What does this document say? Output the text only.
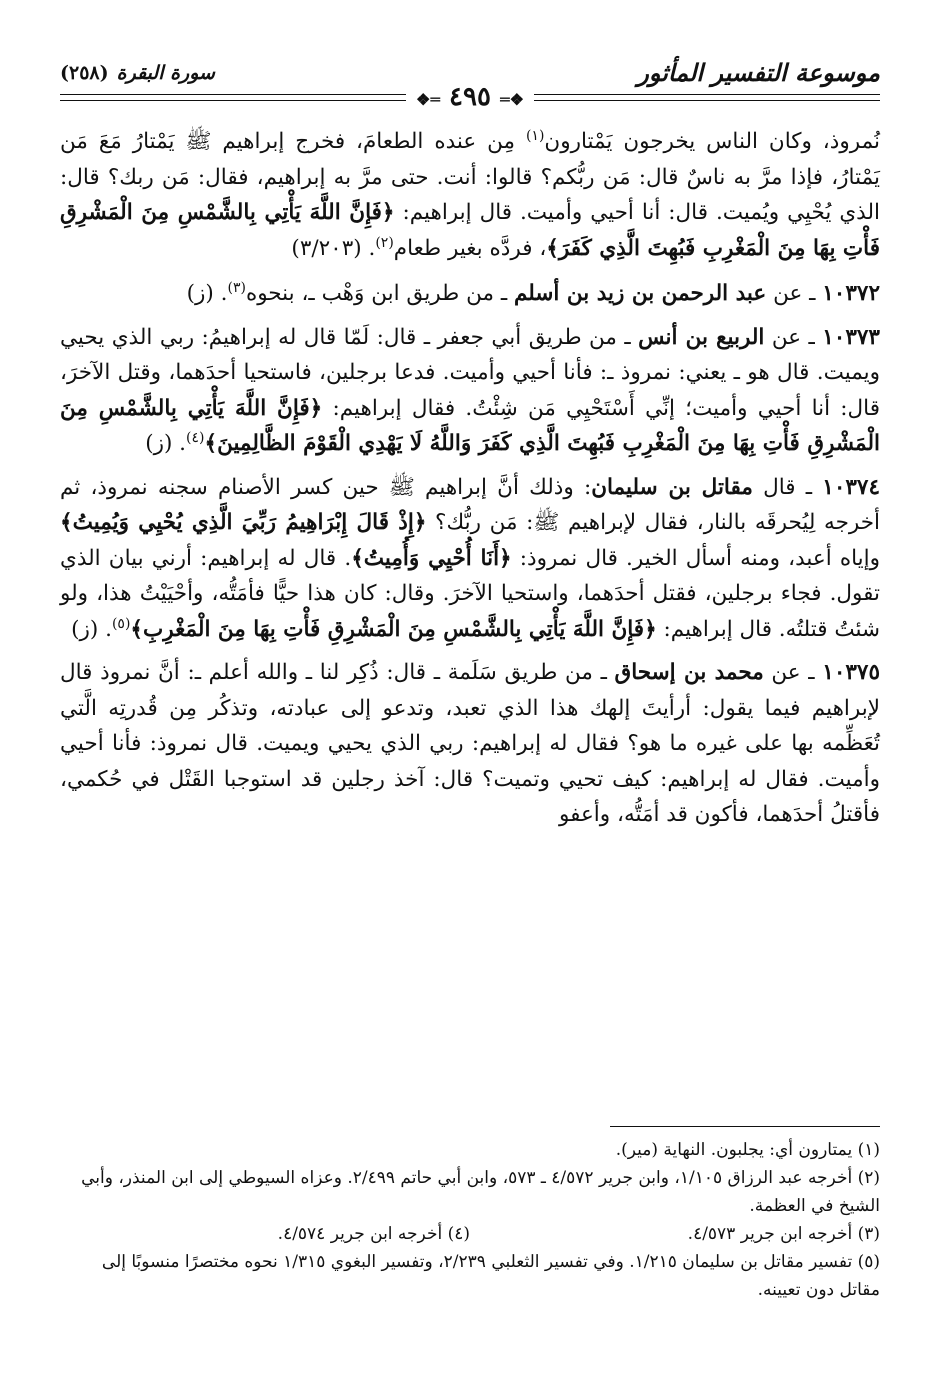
موسوعة التفسير المأثور
سورة البقرة(٢٥٨)
❖═ ٤٩٥ ═❖

نُمروذ، وكان الناس يخرجون يَمْتارون$^{(١)}$ مِن عنده الطعامَ، فخرج إبراهيم ﷺ يَمْتارُ مَعَ مَن يَمْتارُ، فإذا مرَّ به ناسٌ قال: مَن ربُّكم؟ قالوا: أنت. حتى مرَّ به إبراهيم، فقال: مَن ربك؟ قال: الذي يُحْيِي ويُميت. قال: أنا أحيي وأميت. قال إبراهيم: ﴿فَإِنَّ اللَّهَ يَأْتِي بِالشَّمْسِ مِنَ الْمَشْرِقِ فَأْتِ بِهَا مِنَ الْمَغْرِبِ فَبُهِتَ الَّذِي كَفَرَ﴾، فردَّه بغير طعام$^{(٢)}$. (٣/٢٠٣)

١٠٣٧٢ ـ عن عبد الرحمن بن زيد بن أسلم ـ من طريق ابن وَهْب ـ، بنحوه$^{(٣)}$. (ز)

١٠٣٧٣ ـ عن الربيع بن أنس ـ من طريق أبي جعفر ـ قال: لَمّا قال له إبراهيمُ: ربي الذي يحيي ويميت. قال هو ـ يعني: نمروذ ـ: فأنا أحيي وأميت. فدعا برجلين، فاستحيا أحدَهما، وقتل الآخرَ، قال: أنا أحيي وأميت؛ إنِّي أَسْتَحْيِي مَن شِئْتُ. فقال إبراهيم: ﴿فَإِنَّ اللَّهَ يَأْتِي بِالشَّمْسِ مِنَ الْمَشْرِقِ فَأْتِ بِهَا مِنَ الْمَغْرِبِ فَبُهِتَ الَّذِي كَفَرَ وَاللَّهُ لَا يَهْدِي الْقَوْمَ الظَّالِمِينَ﴾$^{(٤)}$. (ز)

١٠٣٧٤ ـ قال مقاتل بن سليمان: وذلك أنَّ إبراهيم ﷺ حين كسر الأصنام سجنه نمروذ، ثم أخرجه لِيُحرقَه بالنار، فقال لإبراهيم ﷺ: مَن ربُّك؟ ﴿إِذْ قَالَ إِبْرَاهِيمُ رَبِّيَ الَّذِي يُحْيِي وَيُمِيتُ﴾ وإياه أعبد، ومنه أسأل الخير. قال نمروذ: ﴿أَنَا أُحْيِي وَأُمِيتُ﴾. قال له إبراهيم: أرني بيان الذي تقول. فجاء برجلين، فقتل أحدَهما، واستحيا الآخرَ. وقال: كان هذا حيًّا فأمَتُّه، وأحْيَيْتُ هذا، ولو شئتُ قتلتُه. قال إبراهيم: ﴿فَإِنَّ اللَّهَ يَأْتِي بِالشَّمْسِ مِنَ الْمَشْرِقِ فَأْتِ بِهَا مِنَ الْمَغْرِبِ﴾$^{(٥)}$. (ز)

١٠٣٧٥ ـ عن محمد بن إسحاق ـ من طريق سَلَمة ـ قال: ذُكِر لنا ـ والله أعلم ـ: أنَّ نمروذ قال لإبراهيم فيما يقول: أرأيتَ إلهك هذا الذي تعبد، وتدعو إلى عبادته، وتذكُر مِن قُدرتِه الَّتي تُعَظِّمه بها على غيره ما هو؟ فقال له إبراهيم: ربي الذي يحيي ويميت. قال نمروذ: فأنا أحيي وأميت. فقال له إبراهيم: كيف تحيي وتميت؟ قال: آخذ رجلين قد استوجبا القَتْل في حُكمي، فأقتلُ أحدَهما، فأكون قد أمَتُّه، وأعفو

(١) يمتارون أي: يجلبون. النهاية (مير).

(٢) أخرجه عبد الرزاق ١/١٠٥، وابن جرير ٤/٥٧٢ ـ ٥٧٣، وابن أبي حاتم ٢/٤٩٩. وعزاه السيوطي إلى ابن المنذر، وأبي الشيخ في العظمة.

(٣) أخرجه ابن جرير ٤/٥٧٣.

(٤) أخرجه ابن جرير ٤/٥٧٤.

(٥) تفسير مقاتل بن سليمان ١/٢١٥. وفي تفسير الثعلبي ٢/٢٣٩، وتفسير البغوي ١/٣١٥ نحوه مختصرًا منسوبًا إلى مقاتل دون تعيينه.
